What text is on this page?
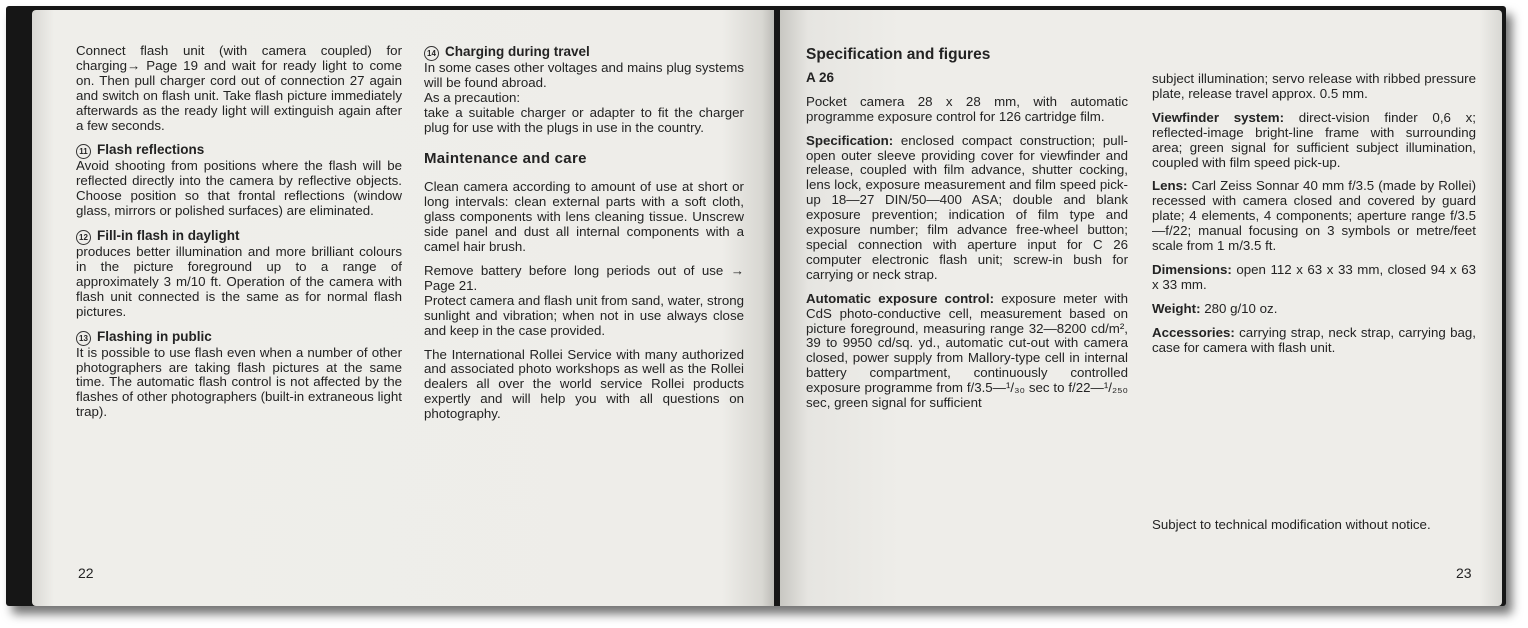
Connect flash unit (with camera coupled) for charging→ Page 19 and wait for ready light to come on. Then pull charger cord out of connection 27 again and switch on flash unit. Take flash picture immediately afterwards as the ready light will extinguish again after a few seconds.

11 Flash reflections

Avoid shooting from positions where the flash will be reflected directly into the camera by reflective objects. Choose position so that frontal reflections (window glass, mirrors or polished surfaces) are eliminated.

12 Fill-in flash in daylight

produces better illumination and more brilliant colours in the picture foreground up to a range of approximately 3 m/10 ft. Operation of the camera with flash unit connected is the same as for normal flash pictures.

13 Flashing in public

It is possible to use flash even when a number of other photographers are taking flash pictures at the same time. The automatic flash control is not affected by the flashes of other photographers (built-in extraneous light trap).

14 Charging during travel

In some cases other voltages and mains plug systems will be found abroad.

As a precaution:

take a suitable charger or adapter to fit the charger plug for use with the plugs in use in the country.

Maintenance and care

Clean camera according to amount of use at short or long intervals: clean external parts with a soft cloth, glass components with lens cleaning tissue. Unscrew side panel and dust all internal components with a camel hair brush.

Remove battery before long periods out of use → Page 21.

Protect camera and flash unit from sand, water, strong sunlight and vibration; when not in use always close and keep in the case provided.

The International Rollei Service with many authorized and associated photo workshops as well as the Rollei dealers all over the world service Rollei products expertly and will help you with all questions on photography.

22
Specification and figures
A 26

Pocket camera 28 x 28 mm, with automatic programme exposure control for 126 cartridge film.

Specification: enclosed compact construction; pull-open outer sleeve providing cover for viewfinder and release, coupled with film advance, shutter cocking, lens lock, exposure measurement and film speed pick-up 18—27 DIN/50—400 ASA; double and blank exposure prevention; indication of film type and exposure number; film advance free-wheel button; special connection with aperture input for C 26 computer electronic flash unit; screw-in bush for carrying or neck strap.

Automatic exposure control: exposure meter with CdS photo-conductive cell, measurement based on picture foreground, measuring range 32—8200 cd/m², 39 to 9950 cd/sq. yd., automatic cut-out with camera closed, power supply from Mallory-type cell in internal battery compartment, continuously controlled exposure programme from f/3.5—¹/₃₀ sec to f/22—¹/₂₅₀ sec, green signal for sufficient

subject illumination; servo release with ribbed pressure plate, release travel approx. 0.5 mm.

Viewfinder system: direct-vision finder 0,6 x; reflected-image bright-line frame with surrounding area; green signal for sufficient subject illumination, coupled with film speed pick-up.

Lens: Carl Zeiss Sonnar 40 mm f/3.5 (made by Rollei) recessed with camera closed and covered by guard plate; 4 elements, 4 components; aperture range f/3.5—f/22; manual focusing on 3 symbols or metre/feet scale from 1 m/3.5 ft.

Dimensions: open 112 x 63 x 33 mm, closed 94 x 63 x 33 mm.

Weight: 280 g/10 oz.

Accessories: carrying strap, neck strap, carrying bag, case for camera with flash unit.

Subject to technical modification without notice.

23
